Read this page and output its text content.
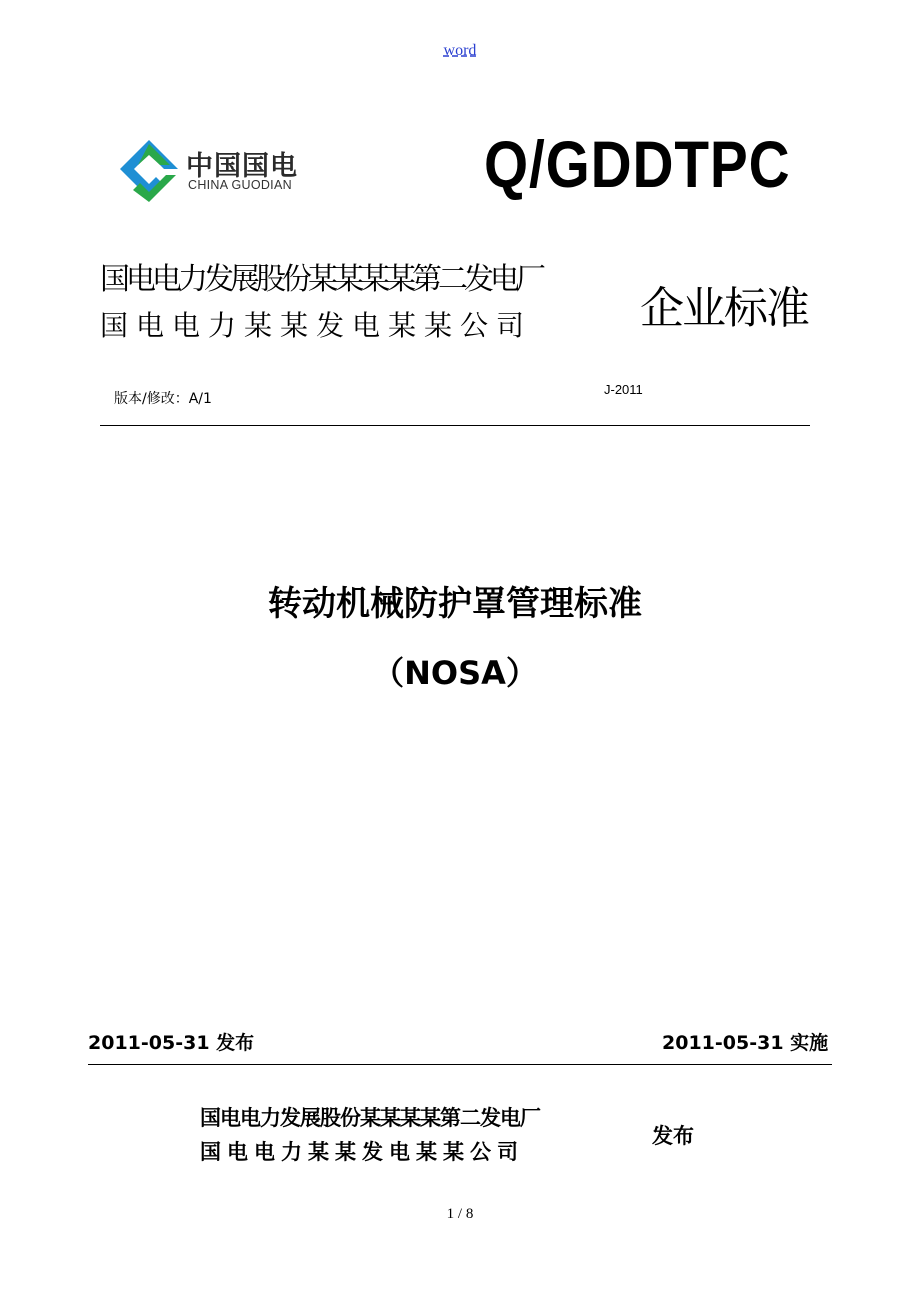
word
中国国电
CHINA GUODIAN	Q/GDDTPC
国电电力发展股份某某某某第二发电厂
国电电力某某发电某某公司 企业标准
版本/修改：A/1
J-2011
转动机械防护罩管理标准
（NOSA）
2011-05-31 发布	2011-05-31 实施
国电电力发展股份某某某某第二发电厂
国电电力某某发电某某公司
发布
1 / 8
